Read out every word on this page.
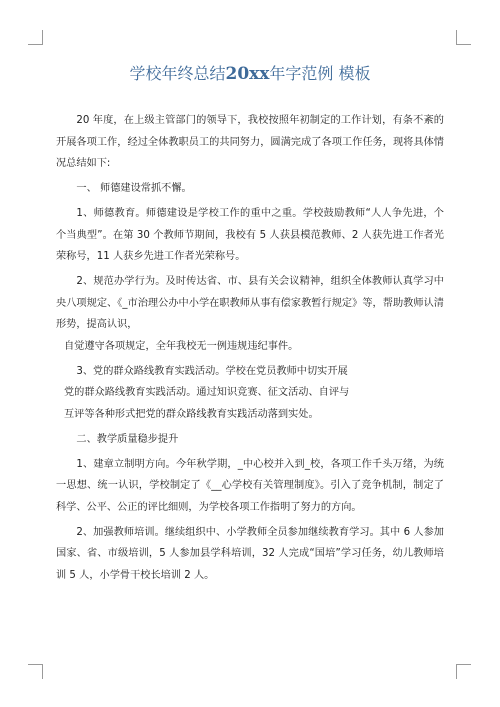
学校年终总结20xx年字范例 模板

20 年度，在上级主管部门的领导下，我校按照年初制定的工作计划，有条不紊的开展各项工作，经过全体教职员工的共同努力，圆满完成了各项工作任务，现将具体情况总结如下:

一、 师德建设常抓不懈。

1、师德教育。师德建设是学校工作的重中之重。学校鼓励教师“人人争先进，个个当典型”。在第 30 个教师节期间，我校有 5 人获县模范教师、2 人获先进工作者光荣称号，11 人获乡先进工作者光荣称号。

2、规范办学行为。及时传达省、市、县有关会议精神，组织全体教师认真学习中央八项规定、《_市治理公办中小学在职教师从事有偿家教暂行规定》等，帮助教师认清形势，提高认识，

自觉遵守各项规定，全年我校无一例违规违纪事件。

3、党的群众路线教育实践活动。学校在党员教师中切实开展

党的群众路线教育实践活动。通过知识竞赛、征文活动、自评与

互评等各种形式把党的群众路线教育实践活动落到实处。

二、教学质量稳步提升

1、建章立制明方向。今年秋学期，_中心校并入到_校，各项工作千头万绪，为统一思想、统一认识，学校制定了《__心学校有关管理制度》。引入了竞争机制，制定了科学、公平、公正的评比细则，为学校各项工作指明了努力的方向。

2、加强教师培训。继续组织中、小学教师全员参加继续教育学习。其中 6 人参加国家、省、市级培训，5 人参加县学科培训，32 人完成“国培”学习任务，幼儿教师培训 5 人，小学骨干校长培训 2 人。
